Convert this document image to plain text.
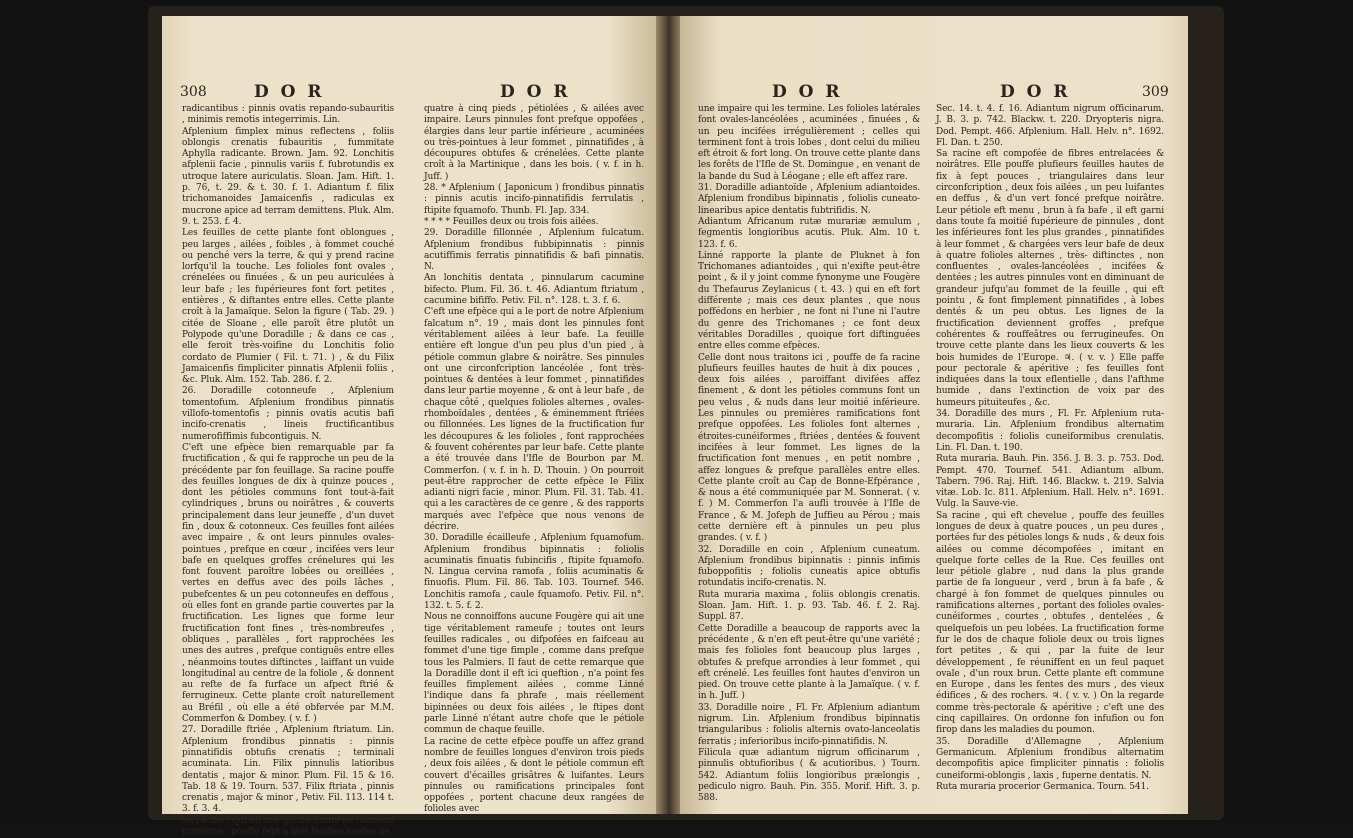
308	D O R	D O R
radicantibus : pinnis ovatis repando-subauritis , minimis remotis integerrimis. Lin.
Afplenium fimplex minus reflectens , foliis oblongis crenatis fubauritis , fummitate Aphylla radicante. Brown. Jam. 92. Lonchitis afplenii facie , pinnulis variis f. fubrotundis ex utroque latere auriculatis. Sloan. Jam. Hift. 1. p. 76, t. 29. & t. 30. f. 1. Adiantum f. filix trichomanoides Jamaicenfis , radiculas ex mucrone apice ad terram demittens. Pluk. Alm. 9. t. 253. f. 4.
Les feuilles de cette plante font oblongues , peu larges , ailées , foibles , à fommet couché ou penché vers la terre, & qui y prend racine lorfqu'il la touche. Les folioles font ovales , crénelées ou finuées , & un peu auriculées à leur bafe ; les fupérieures font fort petites , entières , & diftantes entre elles. Cette plante croît à la Jamaïque. Selon la figure ( Tab. 29. ) citée de Sloane , elle paroît être plutôt un Polypode qu'une Doradille ; & dans ce cas , elle feroit très-voifine du Lonchitis folio cordato de Plumier ( Fil. t. 71. ) , & du Filix Jamaicenfis fimpliciter pinnatis Afplenii foliis , &c. Pluk. Alm. 152. Tab. 286. f. 2.
26. Doradille cotonneufe , Afplenium tomentofum. Afplenium frondibus pinnatis villofo-tomentofis ; pinnis ovatis acutis bafi incifo-crenatis , lineis fructificantibus numerofiffimis fubcontiguis. N.
C'eft une efpèce bien remarquable par fa fructification , & qui fe rapproche un peu de la précédente par fon feuillage. Sa racine pouffe des feuilles longues de dix à quinze pouces , dont les pétioles communs font tout-à-fait cylindriques , bruns ou noirâtres , & couverts principalement dans leur jeuneffe , d'un duvet fin , doux & cotonneux. Ces feuilles font ailées avec impaire , & ont leurs pinnules ovales-pointues , prefque en cœur , incifées vers leur bafe en quelques groffes crénelures qui les font fouvent paroître lobées ou oreillées , vertes en deffus avec des poils lâches , pubefcentes & un peu cotonneufes en deffous , où elles font en grande partie couvertes par la fructification. Les lignes que forme leur fructification font fines , très-nombreufes , obliques , parallèles , fort rapprochées les unes des autres , prefque contiguës entre elles , néanmoins toutes diftinctes , laiffant un vuide longitudinal au centre de la foliole , & donnent au refte de fa furface un afpect ftrié & ferrugineux. Cette plante croît naturellement au Bréfil , où elle a été obfervée par M.M. Commerfon & Dombey. ( v. f. )
27. Doradille ftriée , Afplenium ftriatum. Lin. Afplenium frondibus pinnatis : pinnis pinnatifidis obtufis crenatis ; terminali acuminata. Lin. Filix pinnulis latioribus dentatis , major & minor. Plum. Fil. 15 & 16. Tab. 18 & 19. Tourn. 537. Filix ftriata , pinnis crenatis , major & minor , Petiv. Fil. 113. 114 t. 3. f. 3. 4.
Sa racine , qui eft une groffe touffe de filamens noirâtres , pouffe fept à huit feuilles hautes de
quatre à cinq pieds , pétiolées , & ailées avec impaire. Leurs pinnules font prefque oppofées , élargies dans leur partie inférieure , acuminées ou très-pointues à leur fommet , pinnatifides , à découpures obtufes & crénelées. Cette plante croît à la Martinique , dans les bois. ( v. f. in h. Juff. )
28. * Afplenium ( Japonicum ) frondibus pinnatis : pinnis acutis incifo-pinnatifidis ferrulatis , ftipite fquamofo. Thunb. Fl. Jap. 334.
* * * * Feuilles deux ou trois fois ailées.
29. Doradille fillonnée , Afplenium fulcatum. Afplenium frondibus fubbipinnatis : pinnis acutiffimis ferratis pinnatifidis & bafi pinnatis. N.
An lonchitis dentata , pinnularum cacumine bifecto. Plum. Fil. 36. t. 46. Adiantum ftriatum , cacumine bififfo. Petiv. Fil. n°. 128. t. 3. f. 6.
C'eft une efpèce qui a le port de notre Afplenium falcatum n°. 19 , mais dont les pinnules font véritablement ailées à leur bafe. La feuille entière eft longue d'un peu plus d'un pied , à pétiole commun glabre & noirâtre. Ses pinnules ont une circonfcription lancéolée , font très-pointues & dentées à leur fommet , pinnatifides dans leur partie moyenne , & ont à leur bafe , de chaque côté , quelques folioles alternes , ovales-rhomboïdales , dentées , & éminemment ftriées ou fillonnées. Les lignes de la fructification fur les découpures & les folioles , font rapprochées & fouvent cohérentes par leur bafe. Cette plante a été trouvée dans l'Ifle de Bourbon par M. Commerfon. ( v. f. in h. D. Thouin. ) On pourroit peut-être rapprocher de cette efpèce le Filix adianti nigri facie , minor. Plum. Fil. 31. Tab. 41. qui a les caractères de ce genre , & des rapports marqués avec l'efpèce que nous venons de décrire.
30. Doradille écailleufe , Afplenium fquamofum. Afplenium frondibus bipinnatis : foliolis acuminatis finuatis fubincifis , ftipite fquamofo. N. Lingua cervina ramofa , foliis acuminatis & finuofis. Plum. Fil. 86. Tab. 103. Tournef. 546. Lonchitis ramofa , caule fquamofo. Petiv. Fil. n°. 132. t. 5. f. 2.
Nous ne connoiffons aucune Fougère qui ait une tige véritablement rameufe ; toutes ont leurs feuilles radicales , ou difpofées en faifceau au fommet d'une tige fimple , comme dans prefque tous les Palmiers. Il faut de cette remarque que la Doradille dont il eft ici queftion , n'a point fes feuilles fimplement ailées , comme Linné l'indique dans fa phrafe , mais réellement bipinnées ou deux fois ailées , le ftipes dont parle Linné n'étant autre chofe que le pétiole commun de chaque feuille.
La racine de cette efpèce pouffe un affez grand nombre de feuilles longues d'environ trois pieds , deux fois ailées , & dont le pétiole commun eft couvert d'écailles grisâtres & luifantes. Leurs pinnules ou ramifications principales font oppofées , portent chacune deux rangées de folioles avec
D O R	D O R	309
une impaire qui les termine. Les folioles latérales font ovales-lancéolées , acuminées , finuées , & un peu incifées irrégulièrement ; celles qui terminent font à trois lobes , dont celui du milieu eft étroit & fort long. On trouve cette plante dans les forêts de l'Ifle de St. Domingue , en venant de la bande du Sud à Léogane ; elle eft affez rare.
31. Doradille adiantoïde , Afplenium adiantoides. Afplenium frondibus bipinnatis , foliolis cuneato-linearibus apice dentatis fubtrifidis. N.
Adiantum Africanum rutæ murariæ æmulum , fegmentis longioribus acutis. Pluk. Alm. 10 t. 123. f. 6.
Linné rapporte la plante de Pluknet à fon Trichomanes adiantoides , qui n'exifte peut-être point , & il y joint comme fynonyme une Fougère du Thefaurus Zeylanicus ( t. 43. ) qui en eft fort différente ; mais ces deux plantes , que nous poffédons en herbier , ne font ni l'une ni l'autre du genre des Trichomanes ; ce font deux véritables Doradilles , quoique fort diftinguées entre elles comme efpèces.
Celle dont nous traitons ici , pouffe de fa racine plufieurs feuilles hautes de huit à dix pouces , deux fois ailées , paroiffant divifées affez finement , & dont les pétioles communs font un peu velus , & nuds dans leur moitié inférieure. Les pinnules ou premières ramifications font prefque oppofées. Les folioles font alternes , étroites-cunéiformes , ftriées , dentées & fouvent incifées à leur fommet. Les lignes de la fructification font menues , en petit nombre , affez longues & prefque parallèles entre elles. Cette plante croît au Cap de Bonne-Efpérance , & nous a été communiquée par M. Sonnerat. ( v. f. ) M. Commerfon l'a aufli trouvée à l'Ifle de France , & M. Jofeph de Juffieu au Pérou ; mais cette dernière eft à pinnules un peu plus grandes. ( v. f. )
32. Doradille en coin , Afplenium cuneatum. Afplenium frondibus bipinnatis : pinnis infimis fuboppofitis ; foliolis cuneatis apice obtufis rotundatis incifo-crenatis. N.
Ruta muraria maxima , foliis oblongis crenatis. Sloan. Jam. Hift. 1. p. 93. Tab. 46. f. 2. Raj. Suppl. 87.
Cette Doradille a beaucoup de rapports avec la précédente , & n'en eft peut-être qu'une variété ; mais fes folioles font beaucoup plus larges , obtufes & prefque arrondies à leur fommet , qui eft crénelé. Les feuilles font hautes d'environ un pied. On trouve cette plante à la Jamaïque. ( v. f. in h. Juff. )
33. Doradille noire , Fl. Fr. Afplenium adiantum nigrum. Lin. Afplenium frondibus bipinnatis triangularibus : foliolis alternis ovato-lanceolatis ferratis ; inferioribus incifo-pinnatifidis. N.
Filicula quæ adiantum nigrum officinarum , pinnulis obtufioribus ( & acutioribus. ) Tourn. 542. Adiantum foliis longioribus prælongis , pediculo nigro. Bauh. Pin. 355. Morif. Hift. 3. p. 588.
Sec. 14. t. 4. f. 16. Adiantum nigrum officinarum. J. B. 3. p. 742. Blackw. t. 220. Dryopteris nigra. Dod. Pempt. 466. Afplenium. Hall. Helv. n°. 1692. Fl. Dan. t. 250.
Sa racine eft compofée de fibres entrelacées & noirâtres. Elle pouffe plufieurs feuilles hautes de fix à fept pouces , triangulaires dans leur circonfcription , deux fois ailées , un peu luifantes en deffus , & d'un vert foncé prefque noirâtre. Leur pétiole eft menu , brun à fa bafe , il eft garni dans toute fa moitié fupérieure de pinnules , dont les inférieures font les plus grandes , pinnatifides à leur fommet , & chargées vers leur bafe de deux à quatre folioles alternes , très- diftinctes , non confluentes , ovales-lancéolées , incifées & dentées ; les autres pinnules vont en diminuant de grandeur jufqu'au fommet de la feuille , qui eft pointu , & font fimplement pinnatifides , à lobes dentés & un peu obtus. Les lignes de la fructification deviennent groffes , prefque cohérentes & rouffeâtres ou ferrugineufes. On trouve cette plante dans les lieux couverts & les bois humides de l'Europe. ♃. ( v. v. ) Elle paffe pour pectorale & apéritive ; fes feuilles font indiquées dans la toux eflentielle , dans l'afthme humide , dans l'extinction de voix par des humeurs pituiteufes , &c.
34. Doradille des murs , Fl. Fr. Afplenium ruta-muraria. Lin. Afplenium frondibus alternatim decompofitis : foliolis cuneiformibus crenulatis. Lin. Fl. Dan. t. 190.
Ruta muraria. Bauh. Pin. 356. J. B. 3. p. 753. Dod. Pempt. 470. Tournef. 541. Adiantum album. Tabern. 796. Raj. Hift. 146. Blackw. t. 219. Salvia vitæ. Lob. Ic. 811. Afplenium. Hall. Helv. n°. 1691. Vulg. la Sauve-vie.
Sa racine , qui eft chevelue , pouffe des feuilles longues de deux à quatre pouces , un peu dures , portées fur des pétioles longs & nuds , & deux fois ailées ou comme décompofées , imitant en quelque forte celles de la Rue. Ces feuilles ont leur pétiole glabre , nud dans la plus grande partie de fa longueur , verd , brun à fa bafe , & chargé à fon fommet de quelques pinnules ou ramifications alternes , portant des folioles ovales-cunéiformes , courtes , obtufes , dentelées , & quelquefois un peu lobées. La fructification forme fur le dos de chaque foliole deux ou trois lignes fort petites , & qui , par la fuite de leur développement , fe réuniffent en un feul paquet ovale , d'un roux brun. Cette plante eft commune en Europe , dans les fentes des murs , des vieux édifices , & des rochers. ♃. ( v. v. ) On la regarde comme très-pectorale & apéritive ; c'eft une des cinq capillaires. On ordonne fon infufion ou fon firop dans les maladies du poumon.
35. Doradille d'Allemagne , Afplenium Germanicum. Afplenium frondibus alternatim decompofitis apice fimpliciter pinnatis : foliolis cuneiformi-oblongis , laxis , fuperne dentatis. N.
Ruta muraria procerior Germanica. Tourn. 541.
